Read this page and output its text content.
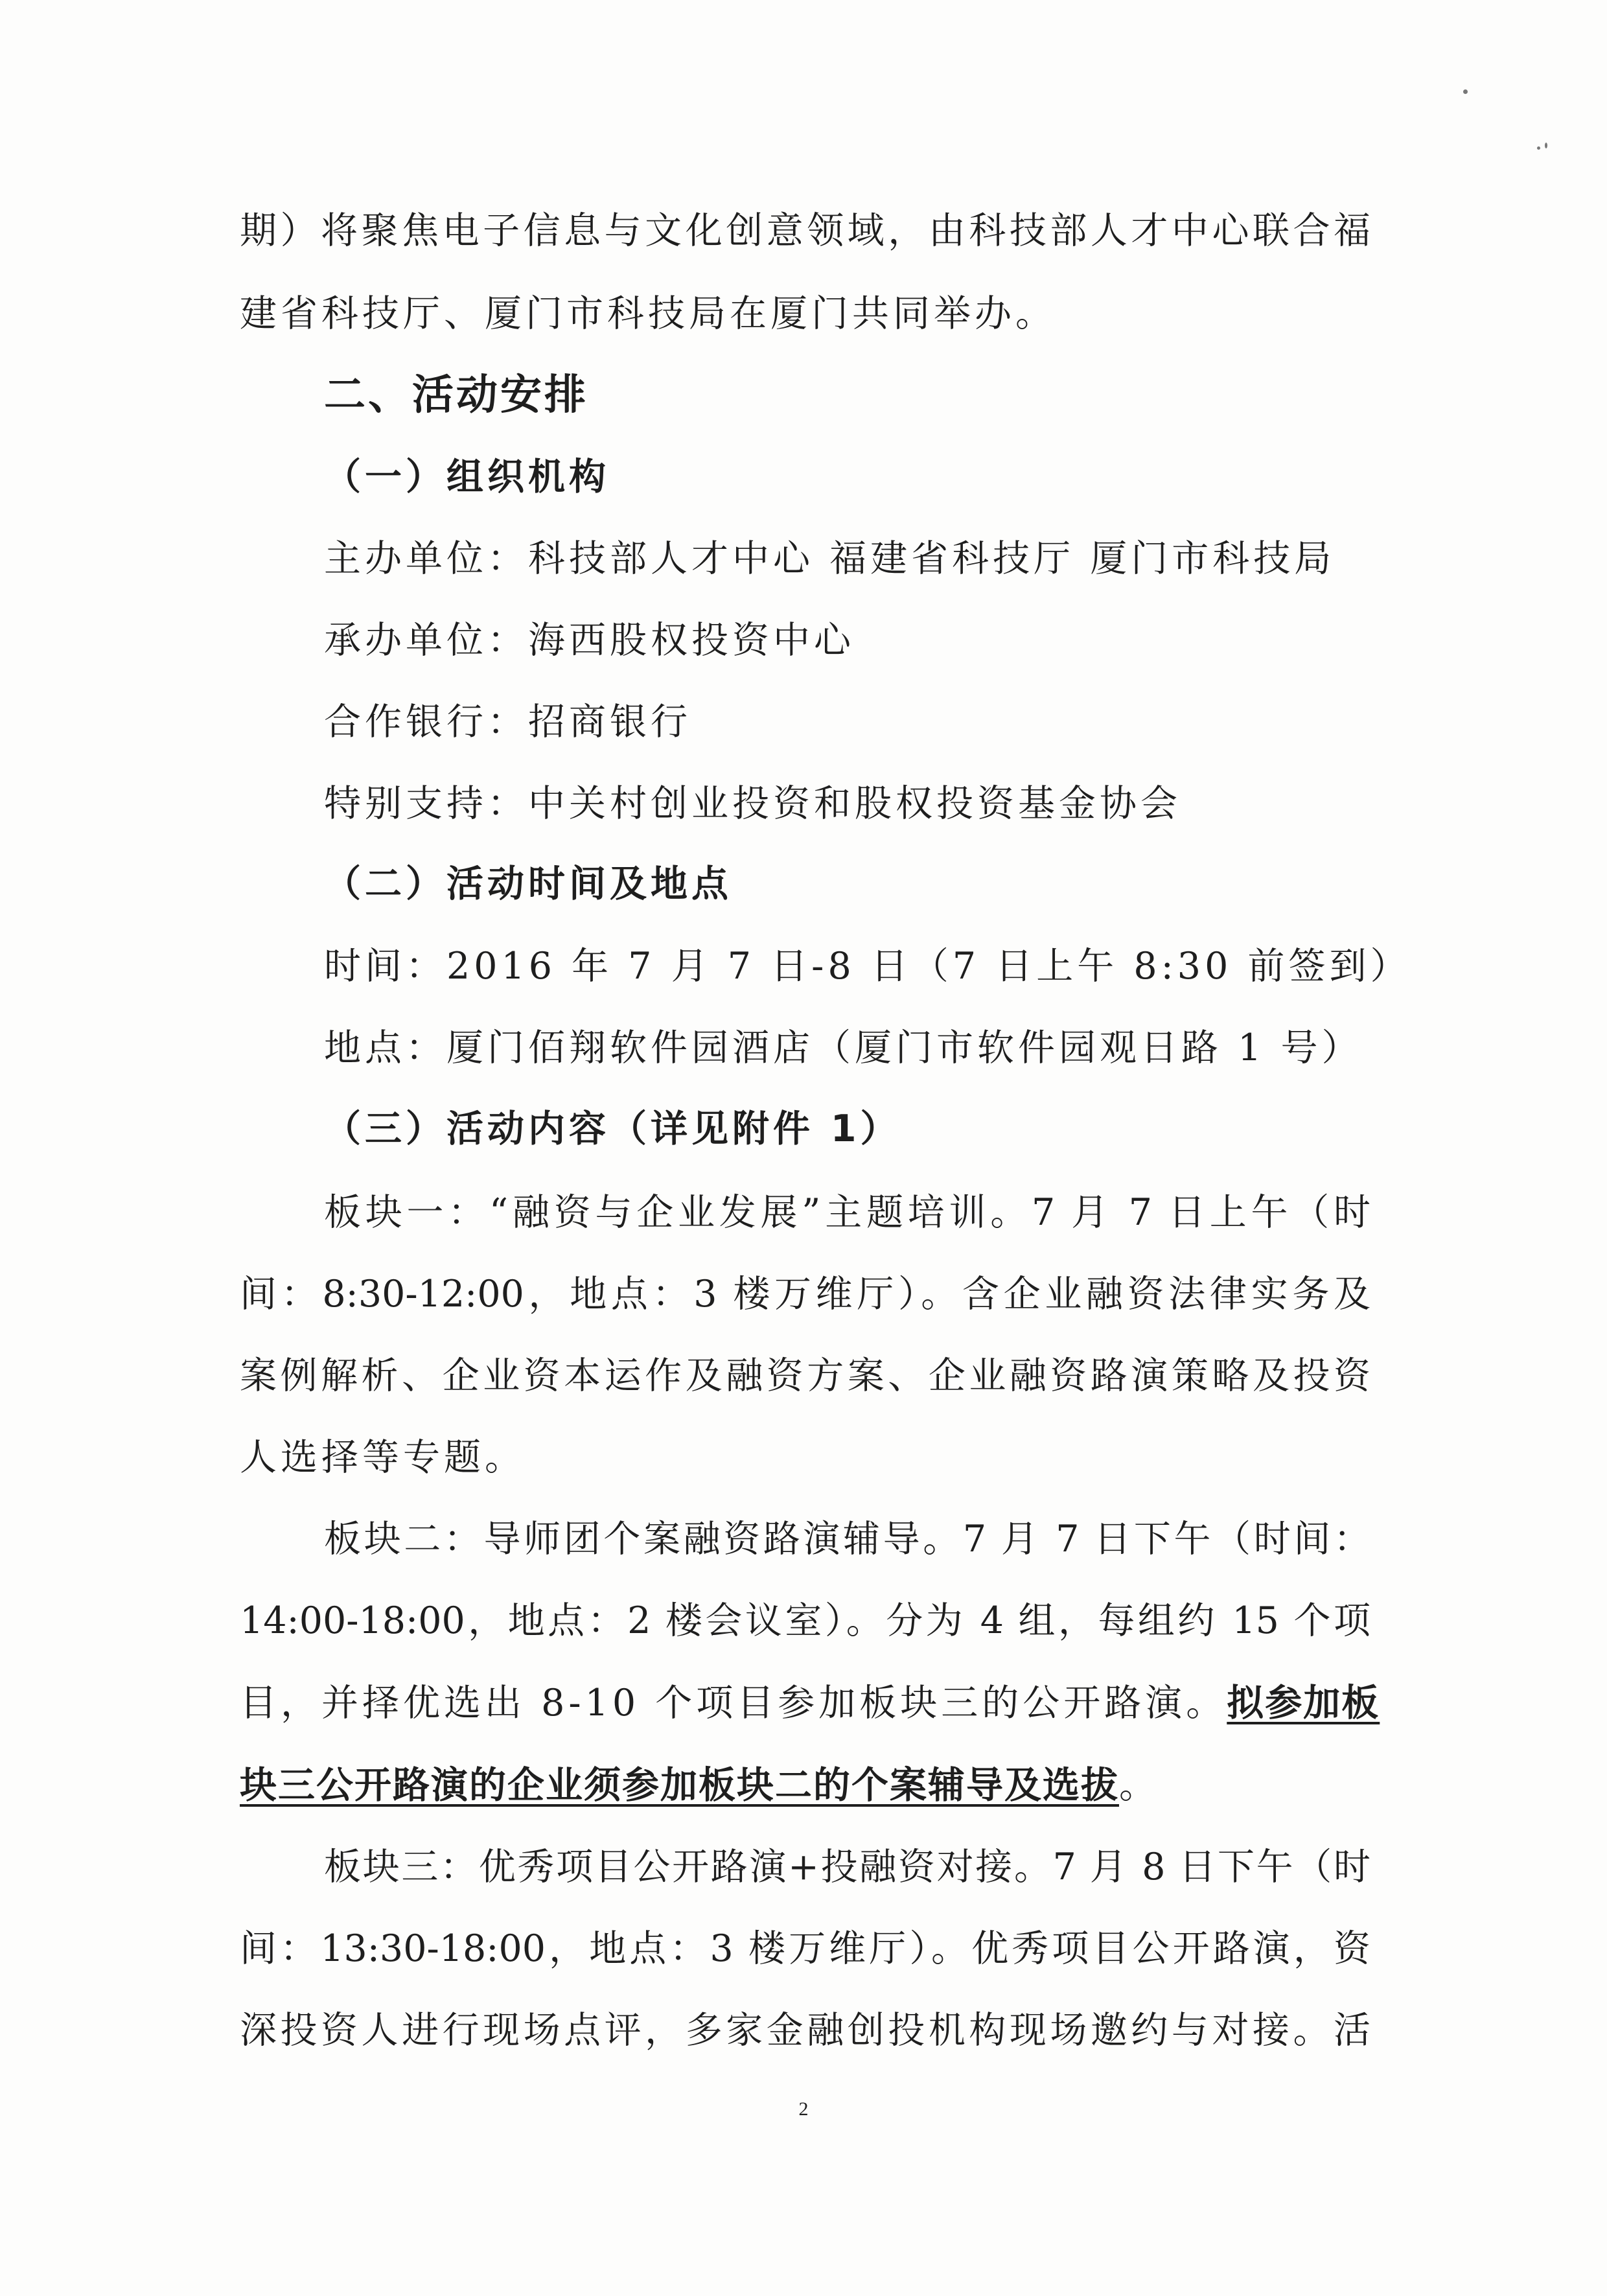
期）将聚焦电子信息与文化创意领域，由科技部人才中心联合福
建省科技厅、厦门市科技局在厦门共同举办。
二、活动安排
（一）组织机构
主办单位：科技部人才中心 福建省科技厅 厦门市科技局
承办单位：海西股权投资中心
合作银行：招商银行
特别支持：中关村创业投资和股权投资基金协会
（二）活动时间及地点
时间：2016 年 7 月 7 日-8 日（7 日上午 8:30 前签到）
地点：厦门佰翔软件园酒店（厦门市软件园观日路 1 号）
（三）活动内容（详见附件 1）
板块一：“融资与企业发展”主题培训。7 月 7 日上午（时
间：8:30-12:00，地点：3 楼万维厅）。含企业融资法律实务及
案例解析、企业资本运作及融资方案、企业融资路演策略及投资
人选择等专题。
板块二：导师团个案融资路演辅导。7 月 7 日下午（时间：
14:00-18:00，地点：2 楼会议室）。分为 4 组，每组约 15 个项
目，并择优选出 8-10 个项目参加板块三的公开路演。拟参加板
块三公开路演的企业须参加板块二的个案辅导及选拔。
板块三：优秀项目公开路演+投融资对接。7 月 8 日下午（时
间：13:30-18:00，地点：3 楼万维厅）。优秀项目公开路演，资
深投资人进行现场点评，多家金融创投机构现场邀约与对接。活
2
